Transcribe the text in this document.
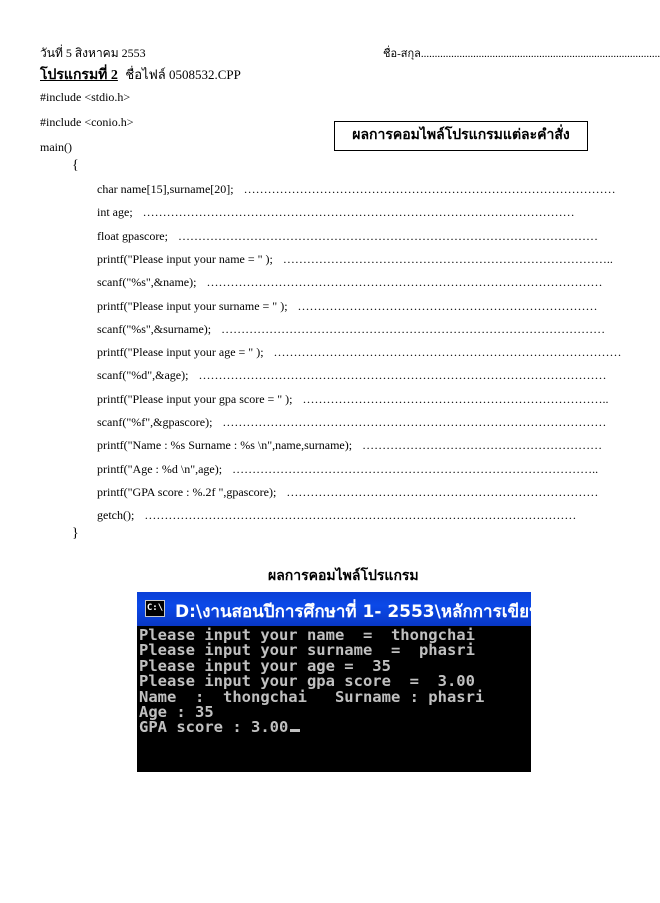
วันที่ 5 สิงหาคม 2553	ชื่อ-สกุล.......................................................................................
โปรแกรมที่ 2 ชื่อไฟล์ 0508532.CPP
#include <stdio.h>
#include <conio.h>
main()
ผลการคอมไพล์โปรแกรมแต่ละคำสั่ง
{
char name[15],surname[20]; …………………………………………………………………………………
int age; ………………………………………………………………………………………………
float gpascore; ……………………………………………………………………………………………
printf("Please input your name = " ); ………………………………………………………………………..
scanf("%s",&name); ………………………………………………………………………………………
printf("Please input your surname = " ); …………………………………………………………………
scanf("%s",&surname); ……………………………………………………………………………………
printf("Please input your age = " ); ……………………………………………………………………………
scanf("%d",&age); …………………………………………………………………………………………
printf("Please input your gpa score = " ); …………………………………………………………………..
scanf("%f",&gpascore); ……………………………………………………………………………………
printf("Name : %s Surname : %s \n",name,surname); ……………………………………………………
printf("Age : %d \n",age); ………………………………………………………………………………..
printf("GPA score : %.2f ",gpascore); ……………………………………………………………………
getch(); ………………………………………………………………………………………………
}
ผลการคอมไพล์โปรแกรม
C:\ D:\งานสอนปีการศึกษาที่ 1- 2553\หลักการเขียนโปรแกร
Please input your name  =  thongchai
Please input your surname  =  phasri
Please input your age =  35
Please input your gpa score  =  3.00
Name  :  thongchai   Surname : phasri
Age : 35
GPA score : 3.00
